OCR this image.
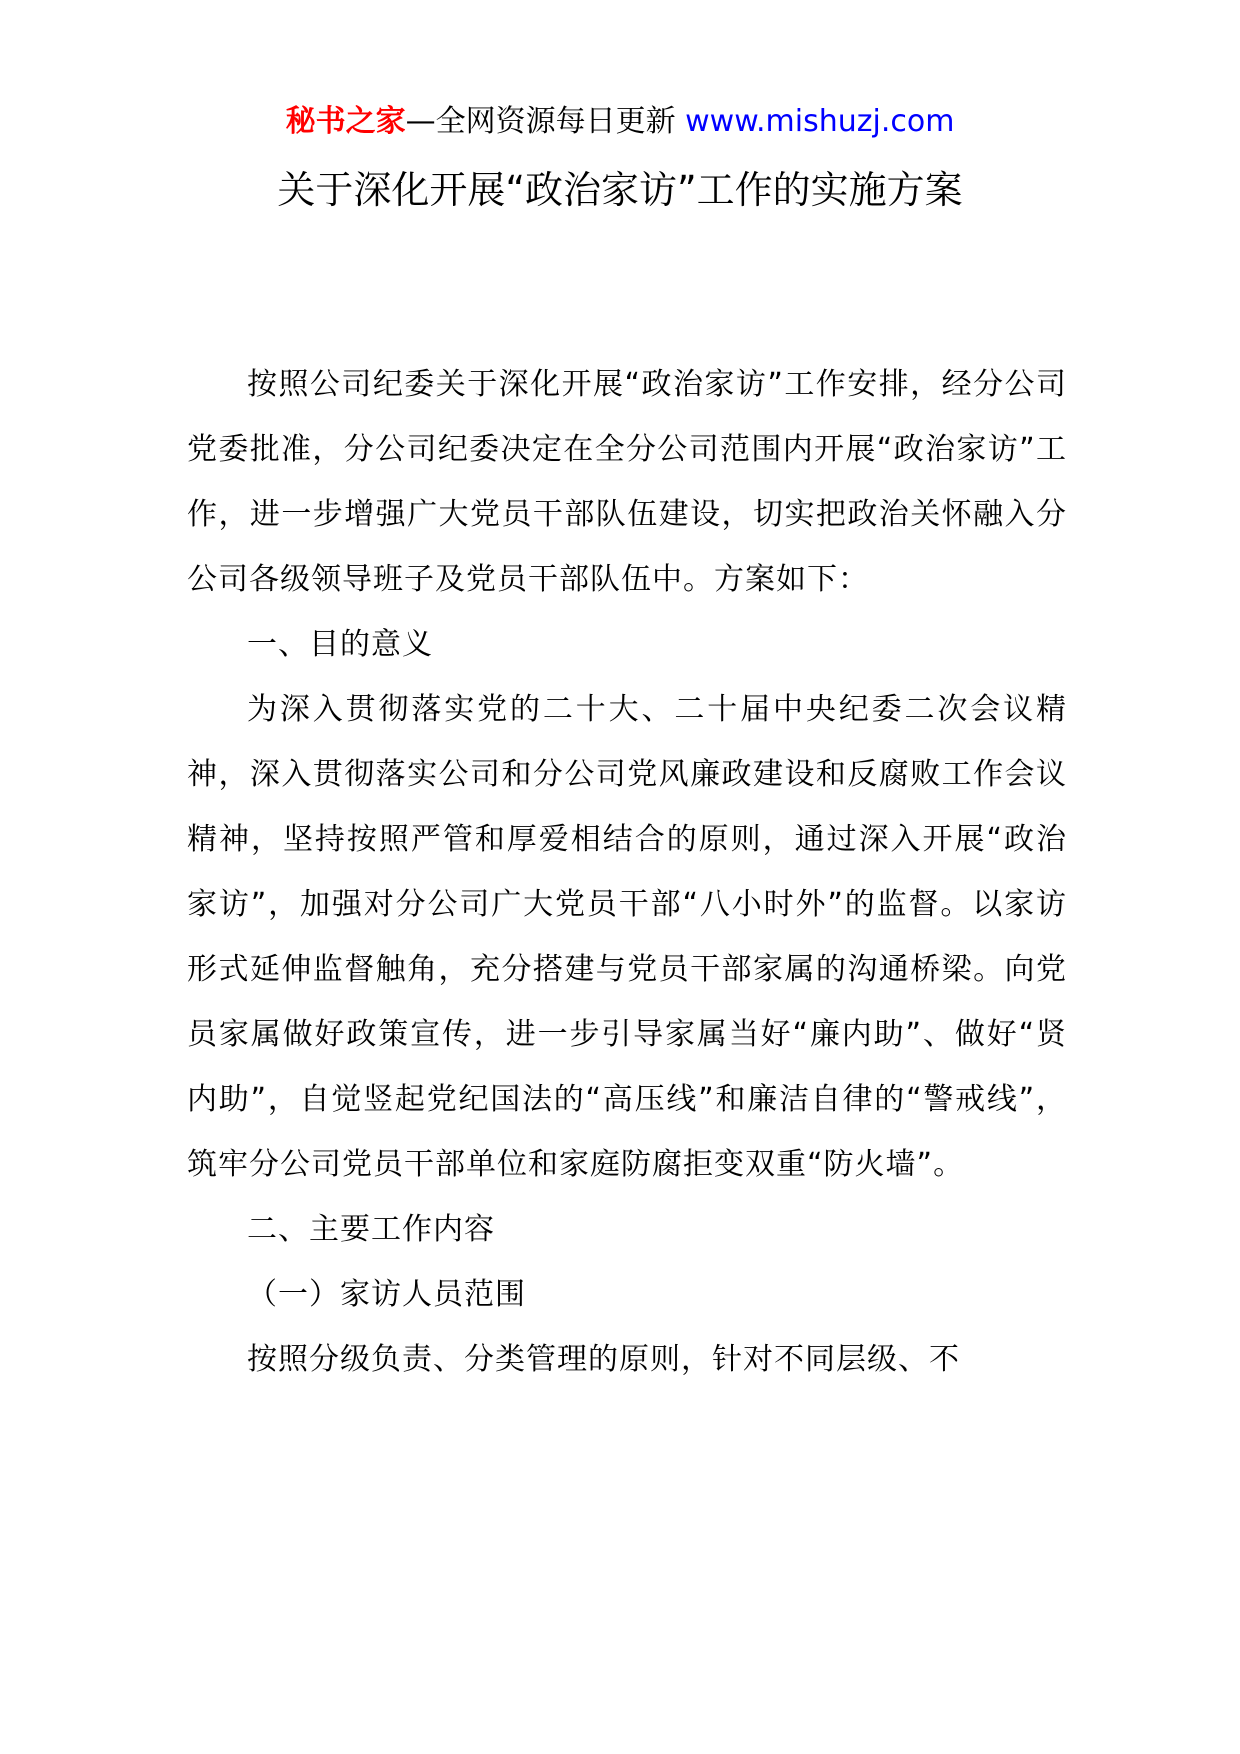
秘书之家—全网资源每日更新 www.mishuzj.com
关于深化开展“政治家访”工作的实施方案

按照公司纪委关于深化开展“政治家访”工作安排，经分公司党委批准，分公司纪委决定在全分公司范围内开展“政治家访”工作，进一步增强广大党员干部队伍建设，切实把政治关怀融入分公司各级领导班子及党员干部队伍中。方案如下：

一、目的意义

为深入贯彻落实党的二十大、二十届中央纪委二次会议精神，深入贯彻落实公司和分公司党风廉政建设和反腐败工作会议精神，坚持按照严管和厚爱相结合的原则，通过深入开展“政治家访”，加强对分公司广大党员干部“八小时外”的监督。以家访形式延伸监督触角，充分搭建与党员干部家属的沟通桥梁。向党员家属做好政策宣传，进一步引导家属当好“廉内助”、做好“贤内助”，自觉竖起党纪国法的“高压线”和廉洁自律的“警戒线”，筑牢分公司党员干部单位和家庭防腐拒变双重“防火墙”。

二、主要工作内容

（一）家访人员范围

按照分级负责、分类管理的原则，针对不同层级、不
